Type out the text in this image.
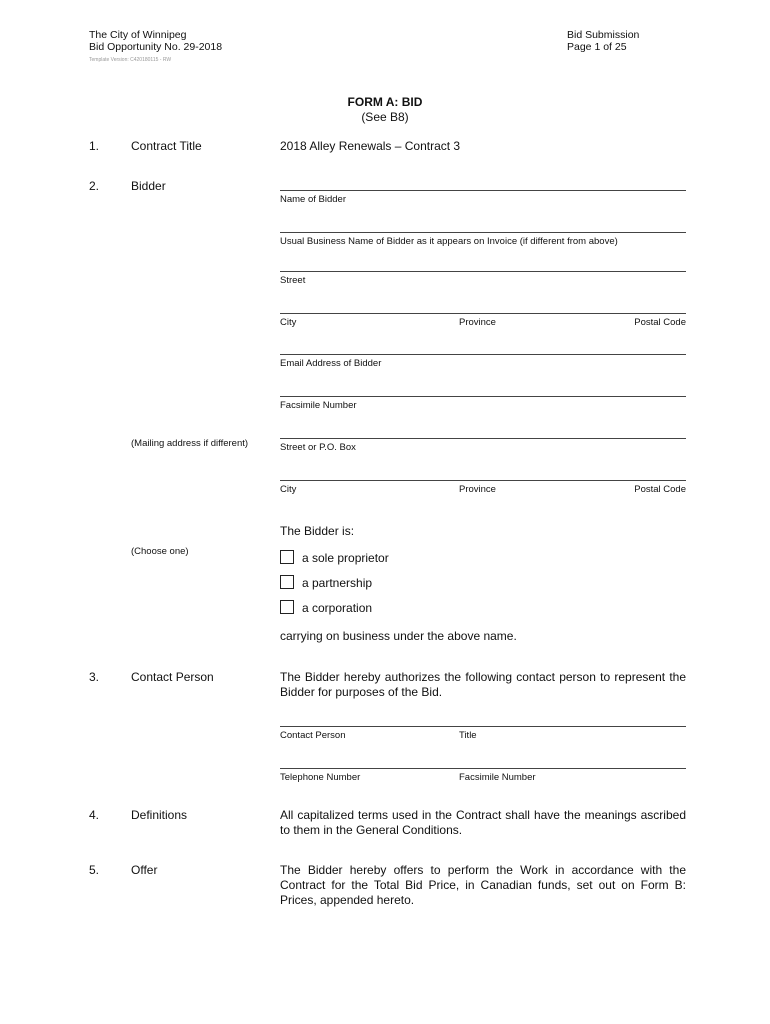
The City of Winnipeg
Bid Opportunity No. 29-2018
Template Version: C420180115 - RW
Bid Submission
Page 1 of 25
FORM A: BID
(See B8)
1.	Contract Title	2018 Alley Renewals – Contract 3
2.	Bidder
Name of Bidder
Usual Business Name of Bidder as it appears on Invoice (if different from above)
Street
City	Province	Postal Code
Email Address of Bidder
Facsimile Number
(Mailing address if different)	Street or P.O. Box
City	Province	Postal Code
The Bidder is:
(Choose one)	a sole proprietor
a partnership
a corporation
carrying on business under the above name.
3.	Contact Person	The Bidder hereby authorizes the following contact person to represent the Bidder for purposes of the Bid.
Contact Person	Title
Telephone Number	Facsimile Number
4.	Definitions	All capitalized terms used in the Contract shall have the meanings ascribed to them in the General Conditions.
5.	Offer	The Bidder hereby offers to perform the Work in accordance with the Contract for the Total Bid Price, in Canadian funds, set out on Form B: Prices, appended hereto.
